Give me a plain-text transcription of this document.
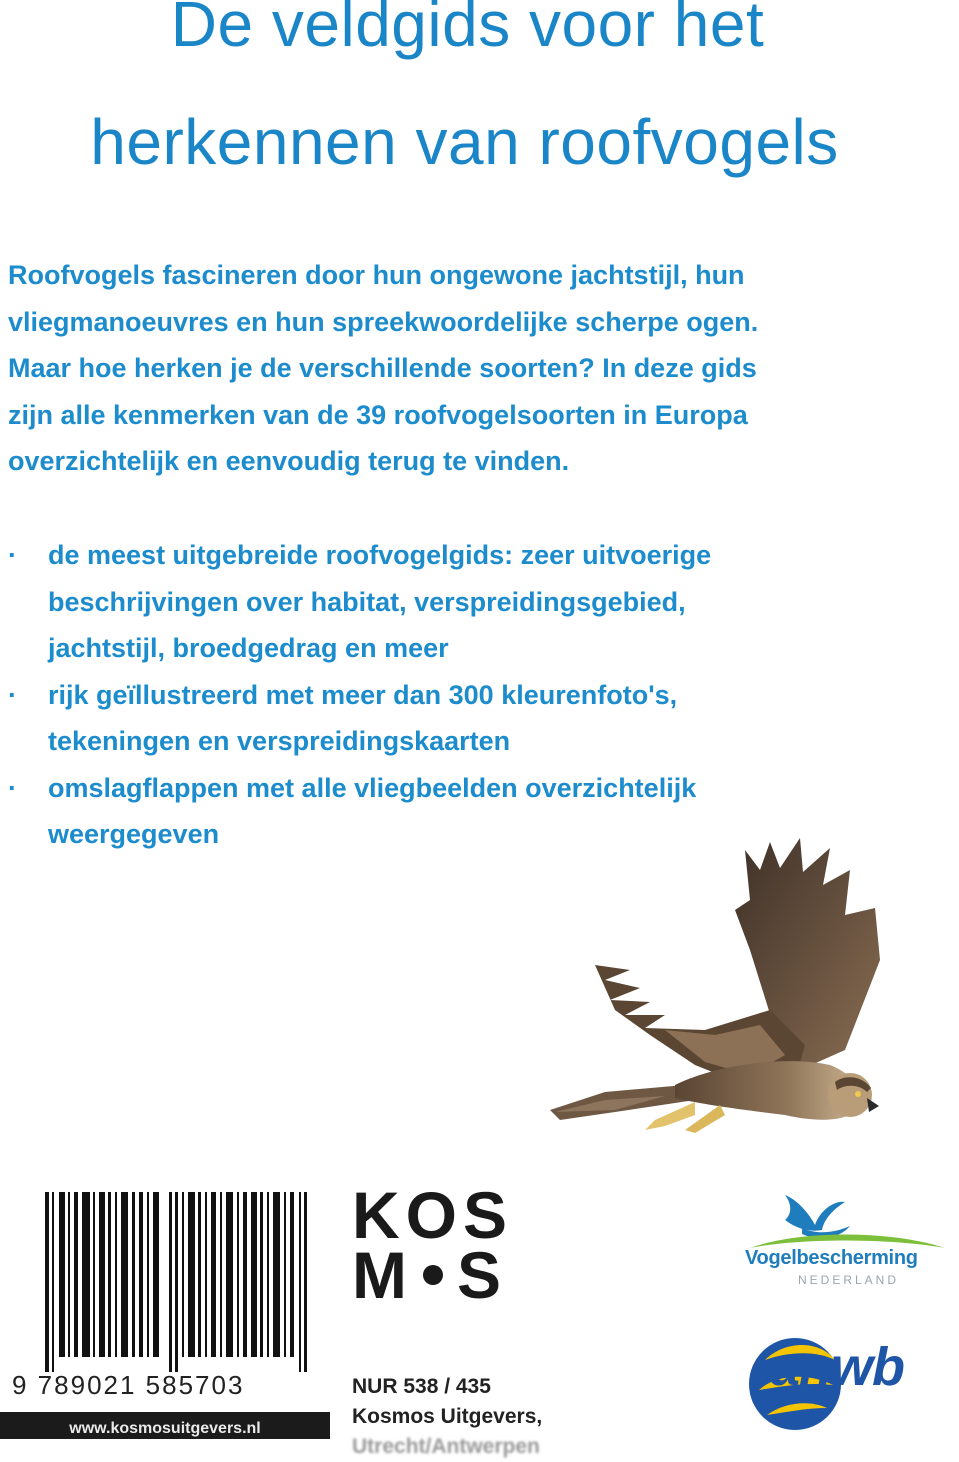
De veldgids voor het
herkennen van roofvogels

Roofvogels fascineren door hun ongewone jachtstijl, hun
vliegmanoeuvres en hun spreekwoordelijke scherpe ogen.
Maar hoe herken je de verschillende soorten? In deze gids
zijn alle kenmerken van de 39 roofvogelsoorten in Europa
overzichtelijk en eenvoudig terug te vinden.

· de meest uitgebreide roofvogelgids: zeer uitvoerige
beschrijvingen over habitat, verspreidingsgebied,
jachtstijl, broedgedrag en meer
· rijk geïllustreerd met meer dan 300 kleurenfoto's,
tekeningen en verspreidingskaarten
· omslagflappen met alle vliegbeelden overzichtelijk
weergegeven
9 789021 585703
www.kosmosuitgevers.nl
KOS
M S
NUR 538 / 435
Kosmos Uitgevers,
Utrecht/Antwerpen
Vogelbescherming
NEDERLAND
anwb
